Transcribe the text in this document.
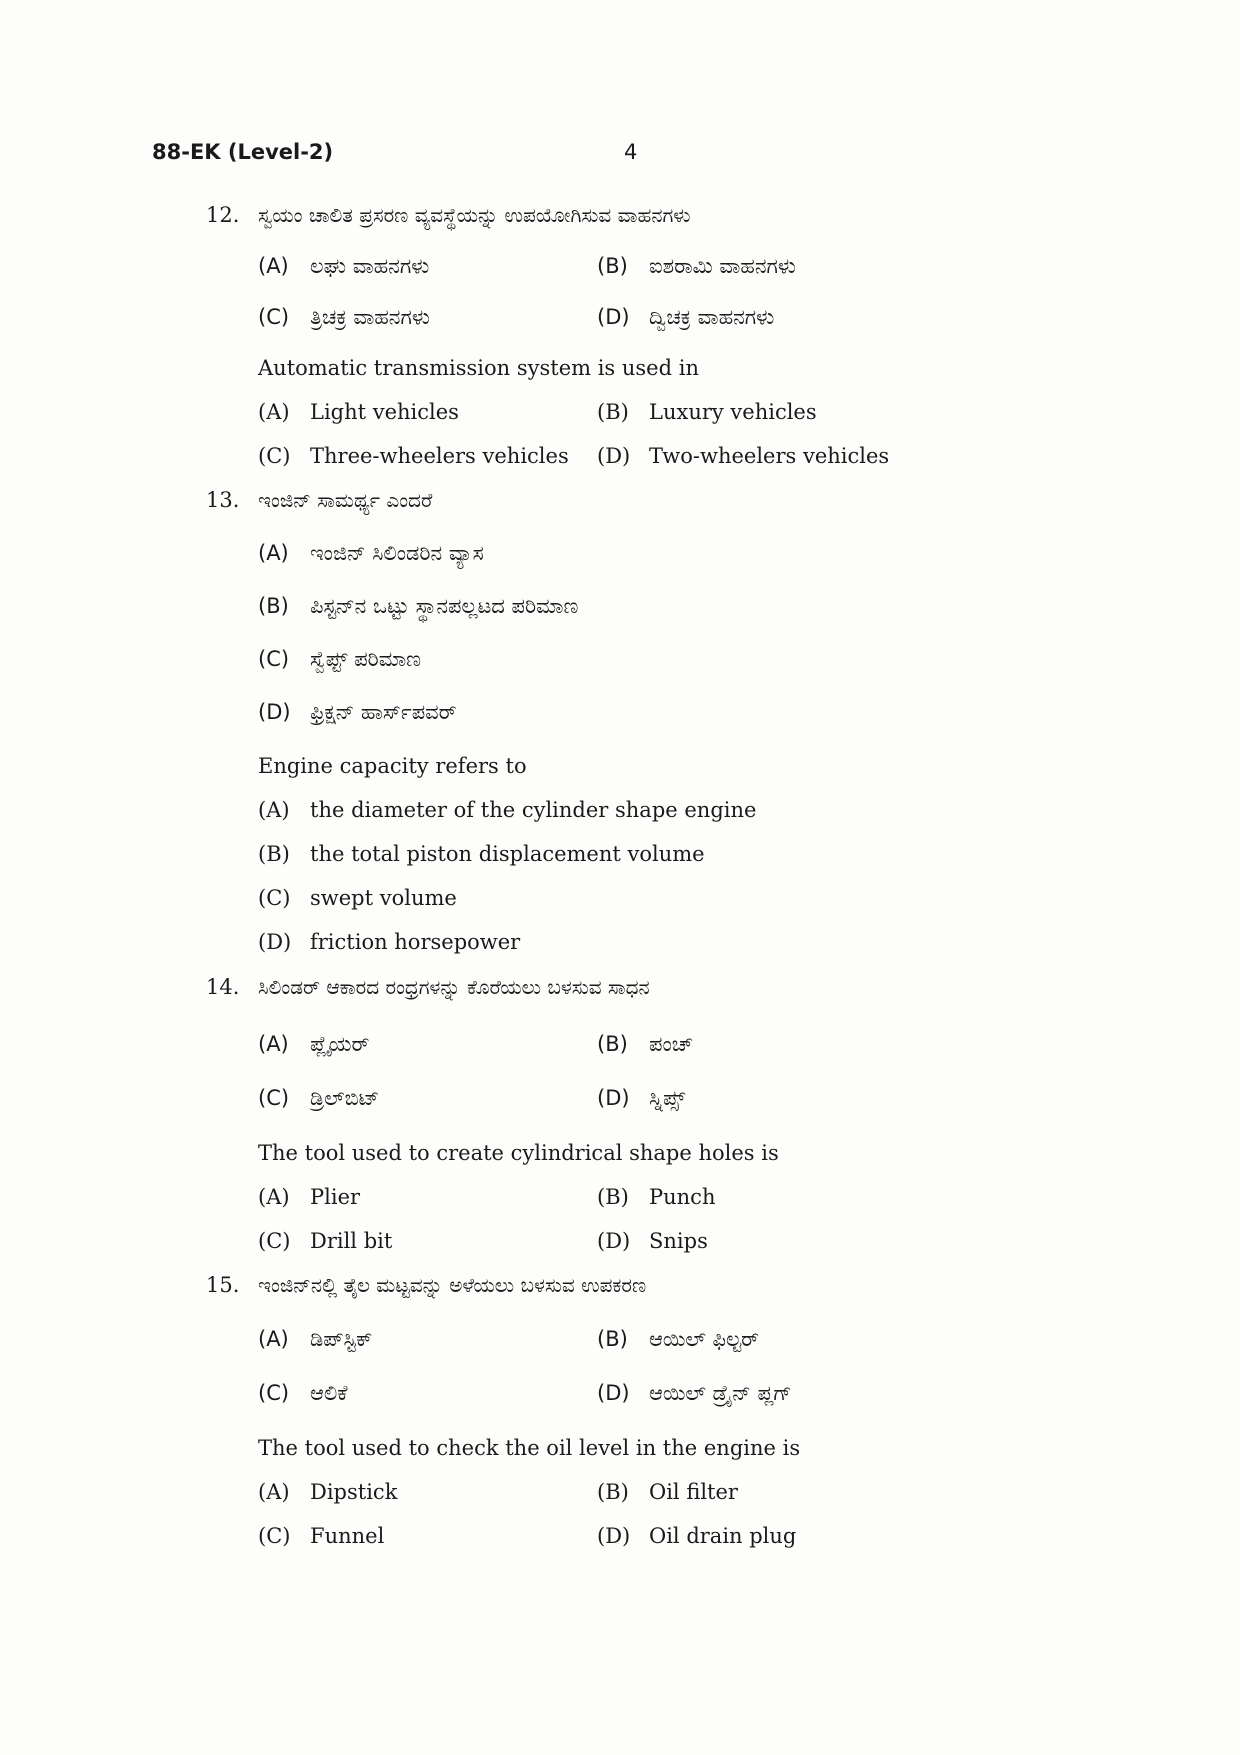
88-EK (Level-2)	4
12. ಸ್ವಯಂ ಚಾಲಿತ ಪ್ರಸರಣ ವ್ಯವಸ್ಥೆಯನ್ನು ಉಪಯೋಗಿಸುವ ವಾಹನಗಳು
(A) ಲಘು ವಾಹನಗಳು	(B) ಐಶರಾಮಿ ವಾಹನಗಳು
(C) ತ್ರಿಚಕ್ರ ವಾಹನಗಳು	(D) ದ್ವಿಚಕ್ರ ವಾಹನಗಳು
Automatic transmission system is used in
(A) Light vehicles	(B) Luxury vehicles
(C) Three-wheelers vehicles (D) Two-wheelers vehicles
13. ಇಂಜಿನ್ ಸಾಮರ್ಥ್ಯ ಎಂದರೆ
(A) ಇಂಜಿನ್ ಸಿಲಿಂಡರಿನ ವ್ಯಾಸ
(B) ಪಿಸ್ಟನ್‌ನ ಒಟ್ಟು ಸ್ಥಾನಪಲ್ಲಟದ ಪರಿಮಾಣ
(C) ಸ್ವೆಪ್ಟ್ ಪರಿಮಾಣ
(D) ಫ್ರಿಕ್ಷನ್ ಹಾರ್ಸ್‌ಪವರ್
Engine capacity refers to
(A) the diameter of the cylinder shape engine
(B) the total piston displacement volume
(C) swept volume
(D) friction horsepower
14. ಸಿಲಿಂಡರ್ ಆಕಾರದ ರಂಧ್ರಗಳನ್ನು ಕೊರೆಯಲು ಬಳಸುವ ಸಾಧನ
(A) ಪ್ಲೈಯರ್	(B) ಪಂಚ್
(C) ಡ್ರಿಲ್‌ಬಿಟ್	(D) ಸ್ನಿಪ್ಸ್
The tool used to create cylindrical shape holes is
(A) Plier	(B) Punch
(C) Drill bit	(D) Snips
15. ಇಂಜಿನ್‌ನಲ್ಲಿ ತೈಲ ಮಟ್ಟವನ್ನು ಅಳೆಯಲು ಬಳಸುವ ಉಪಕರಣ
(A) ಡಿಪ್‌ಸ್ಟಿಕ್	(B) ಆಯಿಲ್ ಫಿಲ್ಟರ್
(C) ಆಲಿಕೆ	(D) ಆಯಿಲ್ ಡ್ರೈನ್ ಪ್ಲಗ್
The tool used to check the oil level in the engine is
(A) Dipstick	(B) Oil filter
(C) Funnel	(D) Oil drain plug
